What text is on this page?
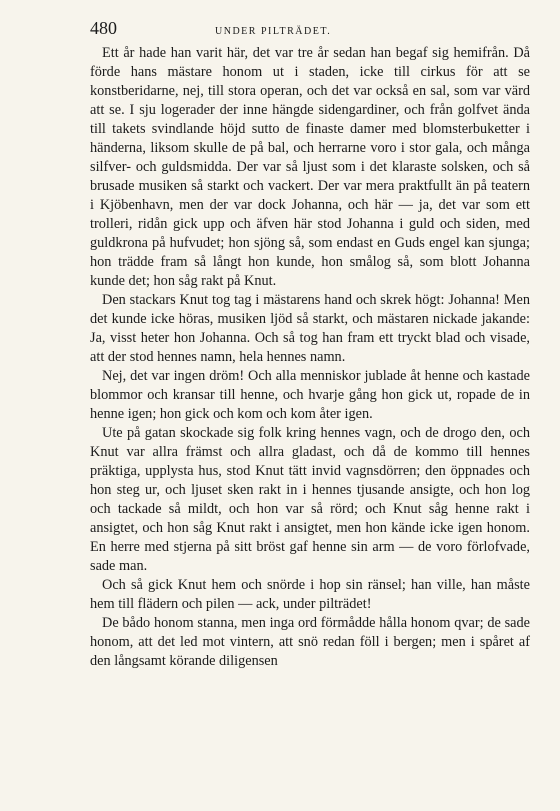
480	UNDER PILTRÄDET.

Ett år hade han varit här, det var tre år sedan han begaf sig hemifrån. Då förde hans mästare honom ut i staden, icke till cirkus för att se konstberidarne, nej, till stora operan, och det var också en sal, som var värd att se. I sju logerader der inne hängde sidengardiner, och från golfvet ända till takets svindlande höjd sutto de finaste damer med blomsterbuketter i händerna, liksom skulle de på bal, och herrarne voro i stor gala, och många silfver- och guldsmidda. Der var så ljust som i det klaraste solsken, och så brusade musiken så starkt och vackert. Der var mera praktfullt än på teatern i Kjöbenhavn, men der var dock Johanna, och här — ja, det var som ett trolleri, ridån gick upp och äfven här stod Johanna i guld och siden, med guldkrona på hufvudet; hon sjöng så, som endast en Guds engel kan sjunga; hon trädde fram så långt hon kunde, hon smålog så, som blott Johanna kunde det; hon såg rakt på Knut.

Den stackars Knut tog tag i mästarens hand och skrek högt: Johanna! Men det kunde icke höras, musiken ljöd så starkt, och mästaren nickade jakande: Ja, visst heter hon Johanna. Och så tog han fram ett tryckt blad och visade, att der stod hennes namn, hela hennes namn.

Nej, det var ingen dröm! Och alla menniskor jublade åt henne och kastade blommor och kransar till henne, och hvarje gång hon gick ut, ropade de in henne igen; hon gick och kom och kom åter igen.

Ute på gatan skockade sig folk kring hennes vagn, och de drogo den, och Knut var allra främst och allra gladast, och då de kommo till hennes präktiga, upplysta hus, stod Knut tätt invid vagnsdörren; den öppnades och hon steg ur, och ljuset sken rakt in i hennes tjusande ansigte, och hon log och tackade så mildt, och hon var så rörd; och Knut såg henne rakt i ansigtet, och hon såg Knut rakt i ansigtet, men hon kände icke igen honom. En herre med stjerna på sitt bröst gaf henne sin arm — de voro förlofvade, sade man.

Och så gick Knut hem och snörde i hop sin ränsel; han ville, han måste hem till flädern och pilen — ack, under pilträdet!

De bådo honom stanna, men inga ord förmådde hålla honom qvar; de sade honom, att det led mot vintern, att snö redan föll i bergen; men i spåret af den långsamt körande diligensen
